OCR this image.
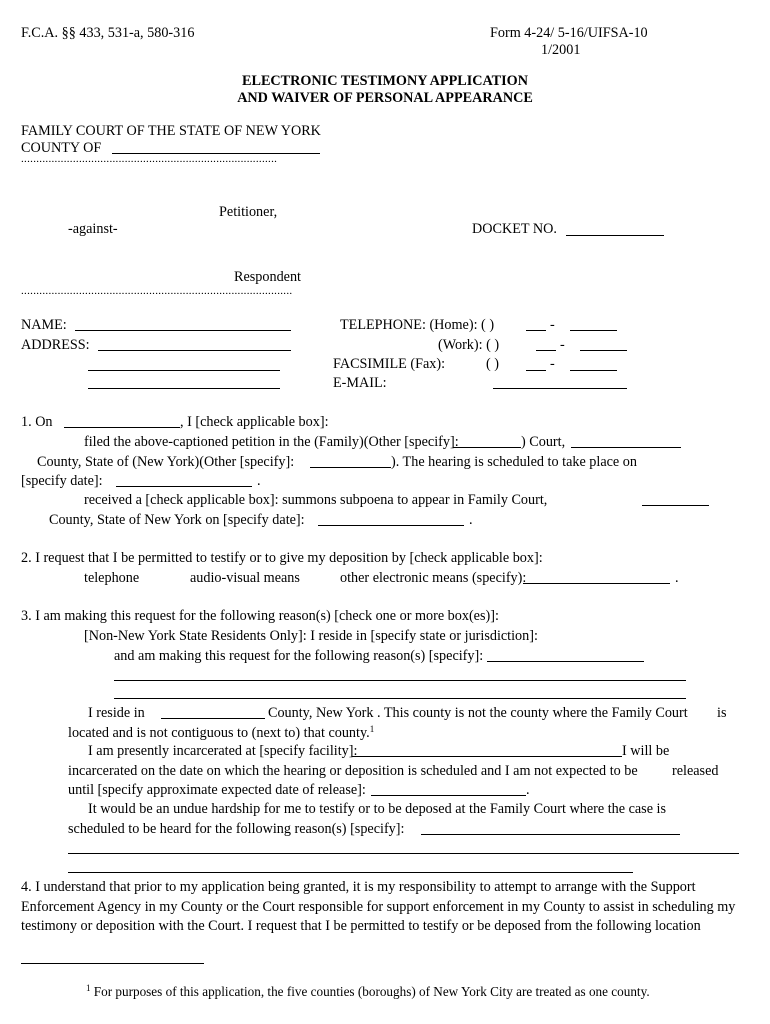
F.C.A. §§ 433, 531-a, 580-316	Form 4-24/ 5-16/UIFSA-10
1/2001
ELECTRONIC TESTIMONY APPLICATION
AND WAIVER OF PERSONAL APPEARANCE
FAMILY COURT OF THE STATE OF NEW YORK
COUNTY OF
....................................................................................
Petitioner,
-against-	DOCKET NO.
Respondent
.........................................................................................
NAME:
ADDRESS:
TELEPHONE: (Home): ( )	-
(Work): ( )	-
FACSIMILE (Fax):	( )	-
E-MAIL:
1. On	, I [check applicable box]:
filed the above-captioned petition in the (Family)(Other [specify]:	) Court,
County, State of (New York)(Other [specify]:	). The hearing is scheduled to take place on
[specify date]:	.
received a [check applicable box]: summons subpoena to appear in Family Court,
County, State of New York on [specify date]:	.
2. I request that I be permitted to testify or to give my deposition by [check applicable box]:
telephone	audio-visual means	other electronic means (specify):	.
3. I am making this request for the following reason(s) [check one or more box(es)]:
[Non-New York State Residents Only]: I reside in [specify state or jurisdiction]:
and am making this request for the following reason(s) [specify]:
I reside in	County, New York . This county is not the county where the Family Court is
located and is not contiguous to (next to) that county.$^1$
I am presently incarcerated at [specify facility]:	I will be
incarcerated on the date on which the hearing or deposition is scheduled and I am not expected to be released
until [specify approximate expected date of release]:	.
It would be an undue hardship for me to testify or to be deposed at the Family Court where the case is
scheduled to be heard for the following reason(s) [specify]:
4. I understand that prior to my application being granted, it is my responsibility to attempt to arrange with the Support
Enforcement Agency in my County or the Court responsible for support enforcement in my County to assist in scheduling my
testimony or deposition with the Court. I request that I be permitted to testify or be deposed from the following location
$^1$ For purposes of this application, the five counties (boroughs) of New York City are treated as one county.
